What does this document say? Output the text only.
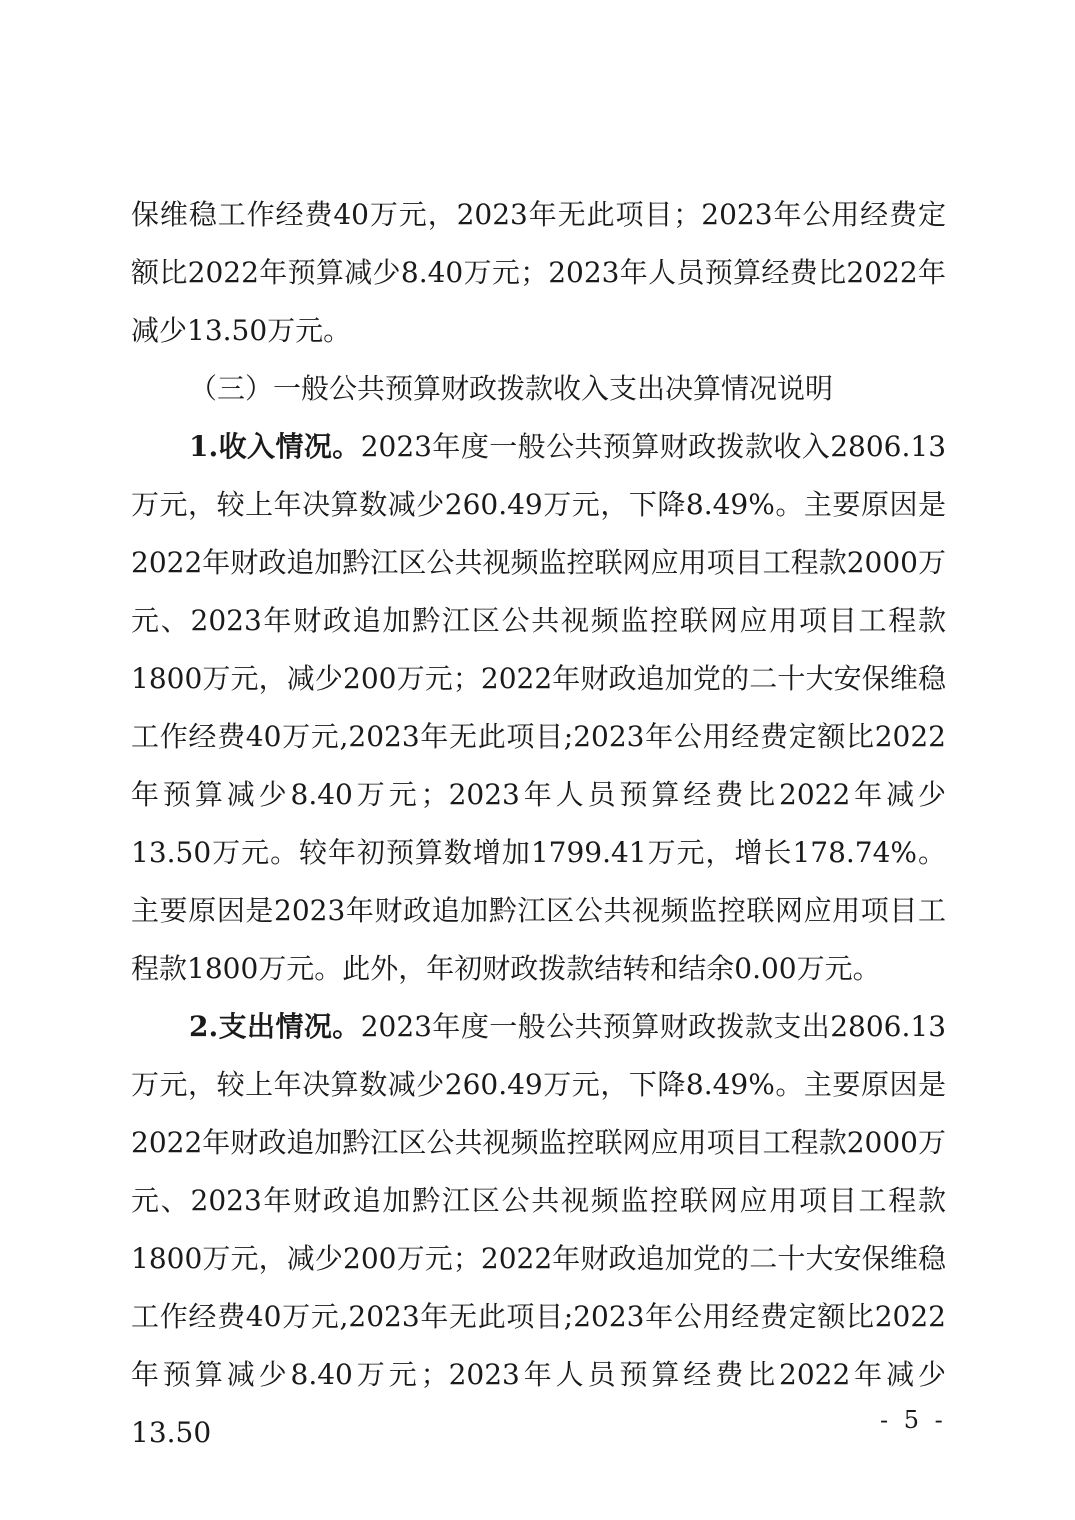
保维稳工作经费40万元，2023年无此项目；2023年公用经费定额比2022年预算减少8.40万元；2023年人员预算经费比2022年减少13.50万元。

（三）一般公共预算财政拨款收入支出决算情况说明

1.收入情况。2023年度一般公共预算财政拨款收入2806.13万元，较上年决算数减少260.49万元，下降8.49%。主要原因是2022年财政追加黔江区公共视频监控联网应用项目工程款2000万元、2023年财政追加黔江区公共视频监控联网应用项目工程款1800万元，减少200万元；2022年财政追加党的二十大安保维稳工作经费40万元,2023年无此项目;2023年公用经费定额比2022年预算减少8.40万元；2023年人员预算经费比2022年减少13.50万元。较年初预算数增加1799.41万元，增长178.74%。主要原因是2023年财政追加黔江区公共视频监控联网应用项目工程款1800万元。此外，年初财政拨款结转和结余0.00万元。

2.支出情况。2023年度一般公共预算财政拨款支出2806.13万元，较上年决算数减少260.49万元，下降8.49%。主要原因是2022年财政追加黔江区公共视频监控联网应用项目工程款2000万元、2023年财政追加黔江区公共视频监控联网应用项目工程款1800万元，减少200万元；2022年财政追加党的二十大安保维稳工作经费40万元,2023年无此项目;2023年公用经费定额比2022年预算减少8.40万元；2023年人员预算经费比2022年减少13.50	- 5 -
